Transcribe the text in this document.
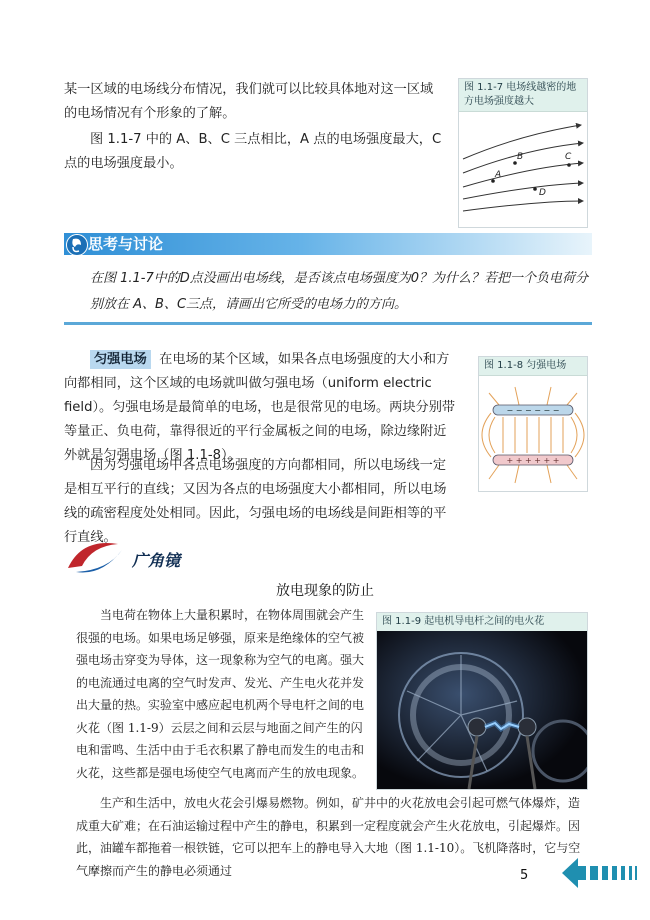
某一区域的电场线分布情况，我们就可以比较具体地对这一区域的电场情况有个形象的了解。
图 1.1-7 中的 A、B、C 三点相比，A 点的电场强度最大，C 点的电场强度最小。
图 1.1-7 电场线越密的地方电场强度越大
A
B	C
D
思考与讨论
在图 1.1-7中的D点没画出电场线，是否该点电场强度为0？为什么？若把一个负电荷分别放在 A、B、C三点，请画出它所受的电场力的方向。
匀强电场 在电场的某个区域，如果各点电场强度的大小和方向都相同，这个区域的电场就叫做匀强电场（uniform electric field）。匀强电场是最简单的电场，也是很常见的电场。两块分别带等量正、负电荷，靠得很近的平行金属板之间的电场，除边缘附近外就是匀强电场（图 1.1-8）。
因为匀强电场中各点电场强度的方向都相同，所以电场线一定是相互平行的直线；又因为各点的电场强度大小都相同，所以电场线的疏密程度处处相同。因此，匀强电场的电场线是间距相等的平行直线。
图 1.1-8 匀强电场
− − − − − −
+ + + + + +
广角镜
放电现象的防止
当电荷在物体上大量积累时，在物体周围就会产生很强的电场。如果电场足够强，原来是绝缘体的空气被强电场击穿变为导体，这一现象称为空气的电离。强大的电流通过电离的空气时发声、发光、产生电火花并发出大量的热。实验室中感应起电机两个导电杆之间的电火花（图 1.1-9）云层之间和云层与地面之间产生的闪电和雷鸣、生活中由于毛衣积累了静电而发生的电击和火花，这些都是强电场使空气电离而产生的放电现象。
图 1.1-9 起电机导电杆之间的电火花
生产和生活中，放电火花会引爆易燃物。例如，矿井中的火花放电会引起可燃气体爆炸，造成重大矿难；在石油运输过程中产生的静电，积累到一定程度就会产生火花放电，引起爆炸。因此，油罐车都拖着一根铁链，它可以把车上的静电导入大地（图 1.1-10）。飞机降落时，它与空气摩擦而产生的静电必须通过	5
